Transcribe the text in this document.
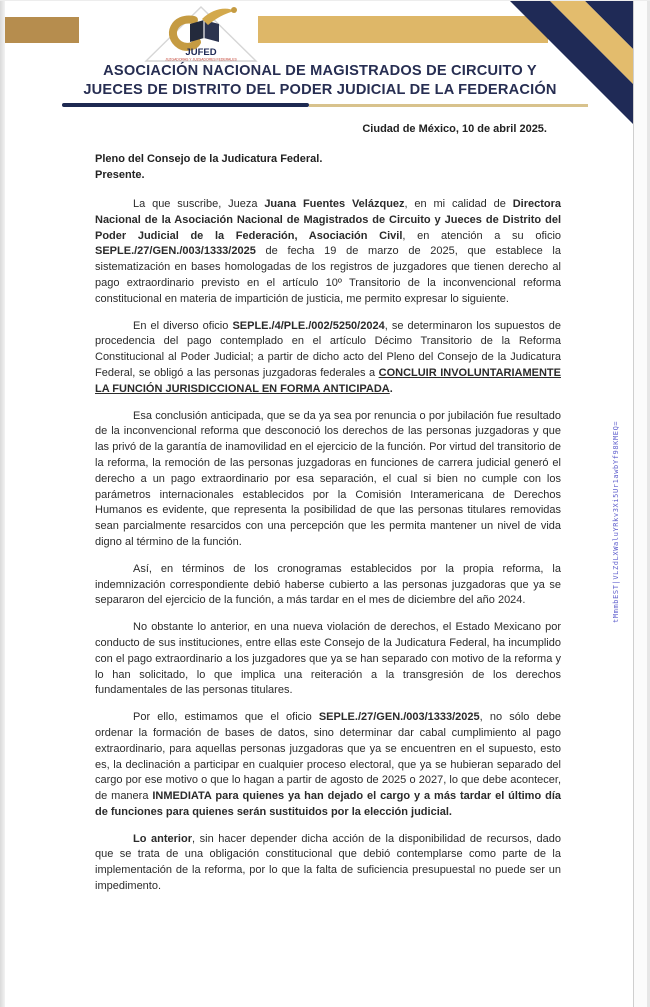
JUFED
JUZGADORAS Y JUZGADORES FEDERALES
ASOCIACIÓN NACIONAL DE MAGISTRADOS DE CIRCUITO Y
JUECES DE DISTRITO DEL PODER JUDICIAL DE LA FEDERACIÓN
Ciudad de México, 10 de abril 2025.
Pleno del Consejo de la Judicatura Federal.
Presente.

La que suscribe, Jueza Juana Fuentes Velázquez, en mi calidad de Directora Nacional de la Asociación Nacional de Magistrados de Circuito y Jueces de Distrito del Poder Judicial de la Federación, Asociación Civil, en atención a su oficio SEPLE./27/GEN./003/1333/2025 de fecha 19 de marzo de 2025, que establece la sistematización en bases homologadas de los registros de juzgadores que tienen derecho al pago extraordinario previsto en el artículo 10º Transitorio de la inconvencional reforma constitucional en materia de impartición de justicia, me permito expresar lo siguiente.

En el diverso oficio SEPLE./4/PLE./002/5250/2024, se determinaron los supuestos de procedencia del pago contemplado en el artículo Décimo Transitorio de la Reforma Constitucional al Poder Judicial; a partir de dicho acto del Pleno del Consejo de la Judicatura Federal, se obligó a las personas juzgadoras federales a CONCLUIR INVOLUNTARIAMENTE LA FUNCIÓN JURISDICCIONAL EN FORMA ANTICIPADA.

Esa conclusión anticipada, que se da ya sea por renuncia o por jubilación fue resultado de la inconvencional reforma que desconoció los derechos de las personas juzgadoras y que las privó de la garantía de inamovilidad en el ejercicio de la función. Por virtud del transitorio de la reforma, la remoción de las personas juzgadoras en funciones de carrera judicial generó el derecho a un pago extraordinario por esa separación, el cual si bien no cumple con los parámetros internacionales establecidos por la Comisión Interamericana de Derechos Humanos es evidente, que representa la posibilidad de que las personas titulares removidas sean parcialmente resarcidos con una percepción que les permita mantener un nivel de vida digno al término de la función.

Así, en términos de los cronogramas establecidos por la propia reforma, la indemnización correspondiente debió haberse cubierto a las personas juzgadoras que ya se separaron del ejercicio de la función, a más tardar en el mes de diciembre del año 2024.

No obstante lo anterior, en una nueva violación de derechos, el Estado Mexicano por conducto de sus instituciones, entre ellas este Consejo de la Judicatura Federal, ha incumplido con el pago extraordinario a los juzgadores que ya se han separado con motivo de la reforma y lo han solicitado, lo que implica una reiteración a la transgresión de los derechos fundamentales de las personas titulares.

Por ello, estimamos que el oficio SEPLE./27/GEN./003/1333/2025, no sólo debe ordenar la formación de bases de datos, sino determinar dar cabal cumplimiento al pago extraordinario, para aquellas personas juzgadoras que ya se encuentren en el supuesto, esto es, la declinación a participar en cualquier proceso electoral, que ya se hubieran separado del cargo por ese motivo o que lo hagan a partir de agosto de 2025 o 2027, lo que debe acontecer, de manera INMEDIATA para quienes ya han dejado el cargo y a más tardar el último día de funciones para quienes serán sustituidos por la elección judicial.

Lo anterior, sin hacer depender dicha acción de la disponibilidad de recursos, dado que se trata de una obligación constitucional que debió contemplarse como parte de la implementación de la reforma, por lo que la falta de suficiencia presupuestal no puede ser un impedimento.

tMmmbEST|VLZdLXWaluYRkv3Xi5Ur1awbYf98KMEQ=
